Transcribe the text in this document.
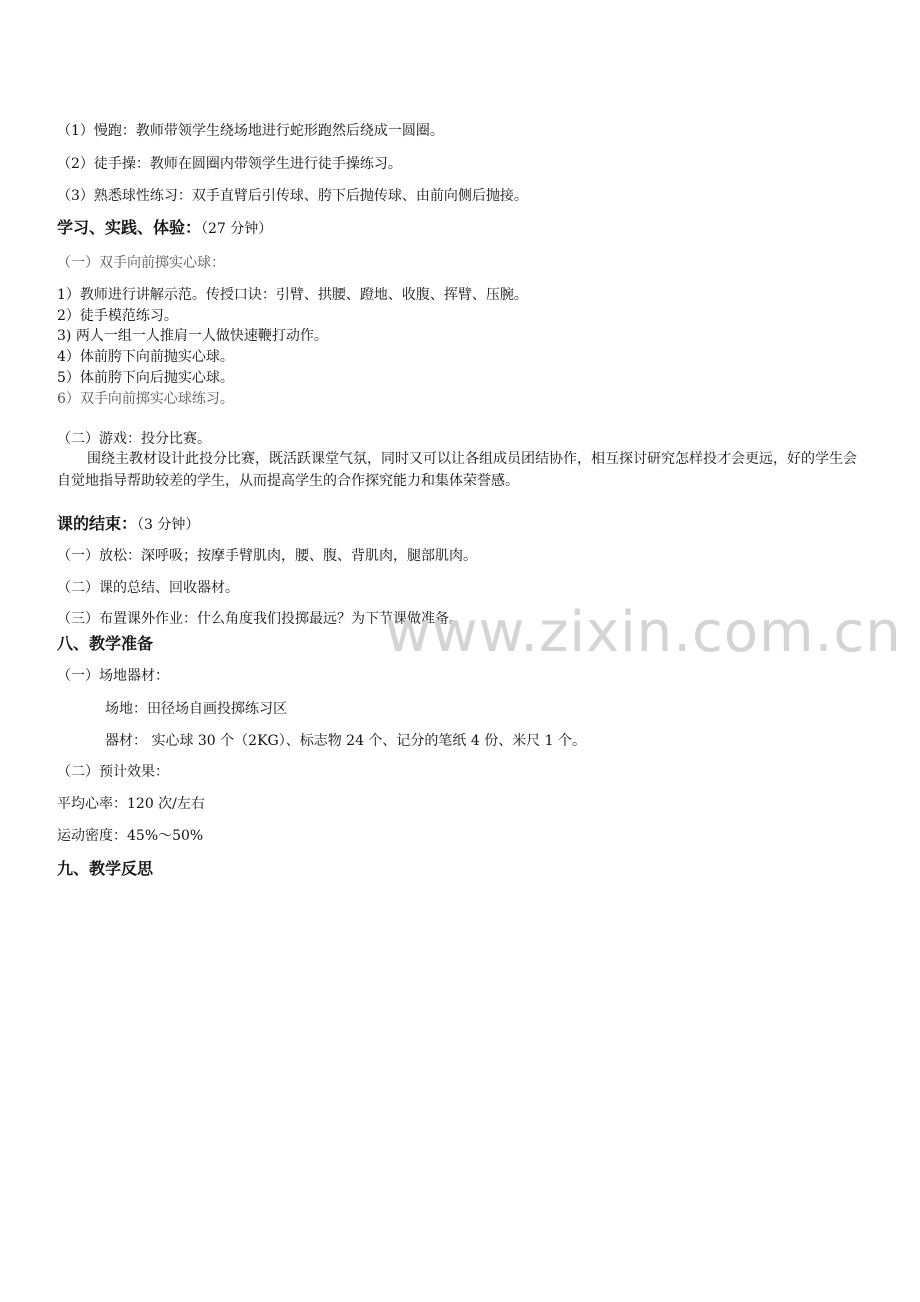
（1）慢跑：教师带领学生绕场地进行蛇形跑然后绕成一圆圈。
（2）徒手操：教师在圆圈内带领学生进行徒手操练习。
（3）熟悉球性练习：双手直臂后引传球、胯下后抛传球、由前向侧后抛接。
学习、实践、体验：（27 分钟）
（一）双手向前掷实心球：
1）教师进行讲解示范。传授口诀：引臂、拱腰、蹬地、收腹、挥臂、压腕。
2）徒手模范练习。
3) 两人一组一人推肩一人做快速鞭打动作。
4）体前胯下向前抛实心球。
5）体前胯下向后抛实心球。
6）双手向前掷实心球练习。
（二）游戏：投分比赛。
围绕主教材设计此投分比赛，既活跃课堂气氛，同时又可以让各组成员团结协作，相互探讨研究怎样投才会更远，好的学生会自觉地指导帮助较差的学生，从而提高学生的合作探究能力和集体荣誉感。
课的结束：（3 分钟）
（一）放松：深呼吸；按摩手臂肌肉，腰、腹、背肌肉，腿部肌肉。
（二）课的总结、回收器材。
（三）布置课外作业：什么角度我们投掷最远？为下节课做准备。
www.zixin.com.cn
八、教学准备
（一）场地器材：
场地：田径场自画投掷练习区
器材： 实心球 30 个（2KG）、标志物 24 个、记分的笔纸 4 份、米尺 1 个。
（二）预计效果：
平均心率：120 次/左右
运动密度：45%～50%
九、教学反思
